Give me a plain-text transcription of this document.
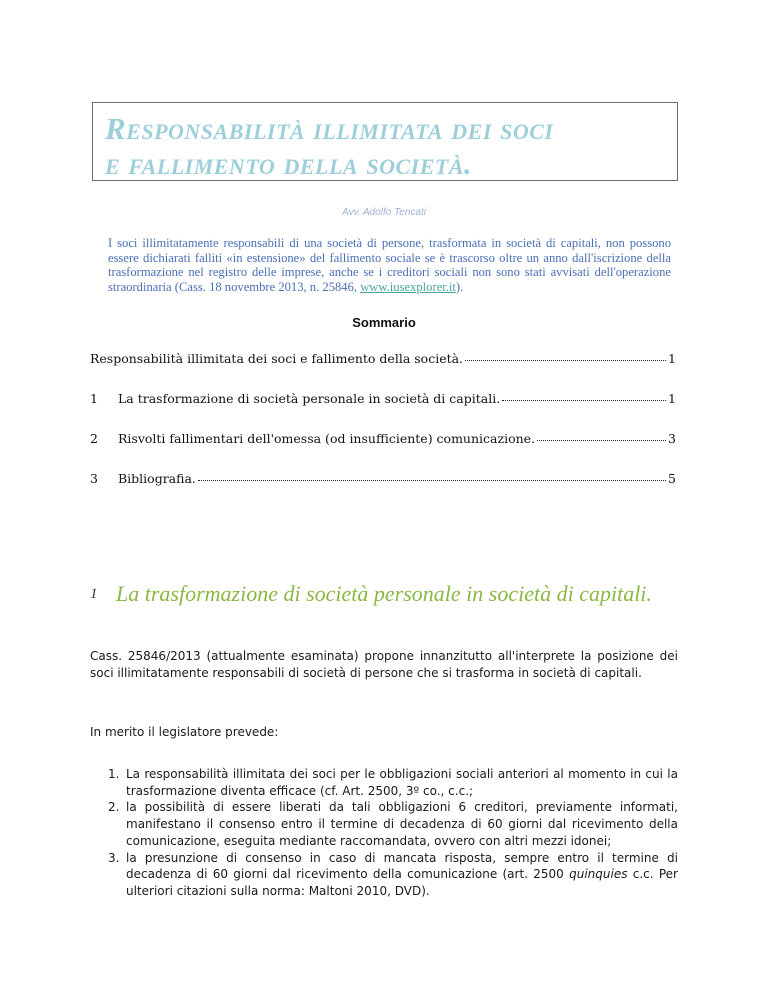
Responsabilità illimitata dei soci
e fallimento della società.
Avv. Adolfo Tencati
I soci illimitatamente responsabili di una società di persone, trasformata in società di capitali, non possono essere dichiarati falliti «in estensione» del fallimento sociale se è trascorso oltre un anno dall'iscrizione della trasformazione nel registro delle imprese, anche se i creditori sociali non sono stati avvisati dell'operazione straordinaria (Cass. 18 novembre 2013, n. 25846, www.iusexplorer.it).
Sommario
Responsabilità illimitata dei soci e fallimento della società.	1
1	La trasformazione di società personale in società di capitali.	1
2	Risvolti fallimentari dell'omessa (od insufficiente) comunicazione.	3
3	Bibliografia.	5
1 La trasformazione di società personale in società di capitali.
Cass. 25846/2013 (attualmente esaminata) propone innanzitutto all'interprete la posizione dei soci illimitatamente responsabili di società di persone che si trasforma in società di capitali.
In merito il legislatore prevede:
1. La responsabilità illimitata dei soci per le obbligazioni sociali anteriori al momento in cui la trasformazione diventa efficace (cf. Art. 2500, 3º co., c.c.;
2. la possibilità di essere liberati da tali obbligazioni 6 creditori, previamente informati, manifestano il consenso entro il termine di decadenza di 60 giorni dal ricevimento della comunicazione, eseguita mediante raccomandata, ovvero con altri mezzi idonei;
3. la presunzione di consenso in caso di mancata risposta, sempre entro il termine di decadenza di 60 giorni dal ricevimento della comunicazione (art. 2500 quinquies c.c. Per ulteriori citazioni sulla norma: Maltoni 2010, DVD).
